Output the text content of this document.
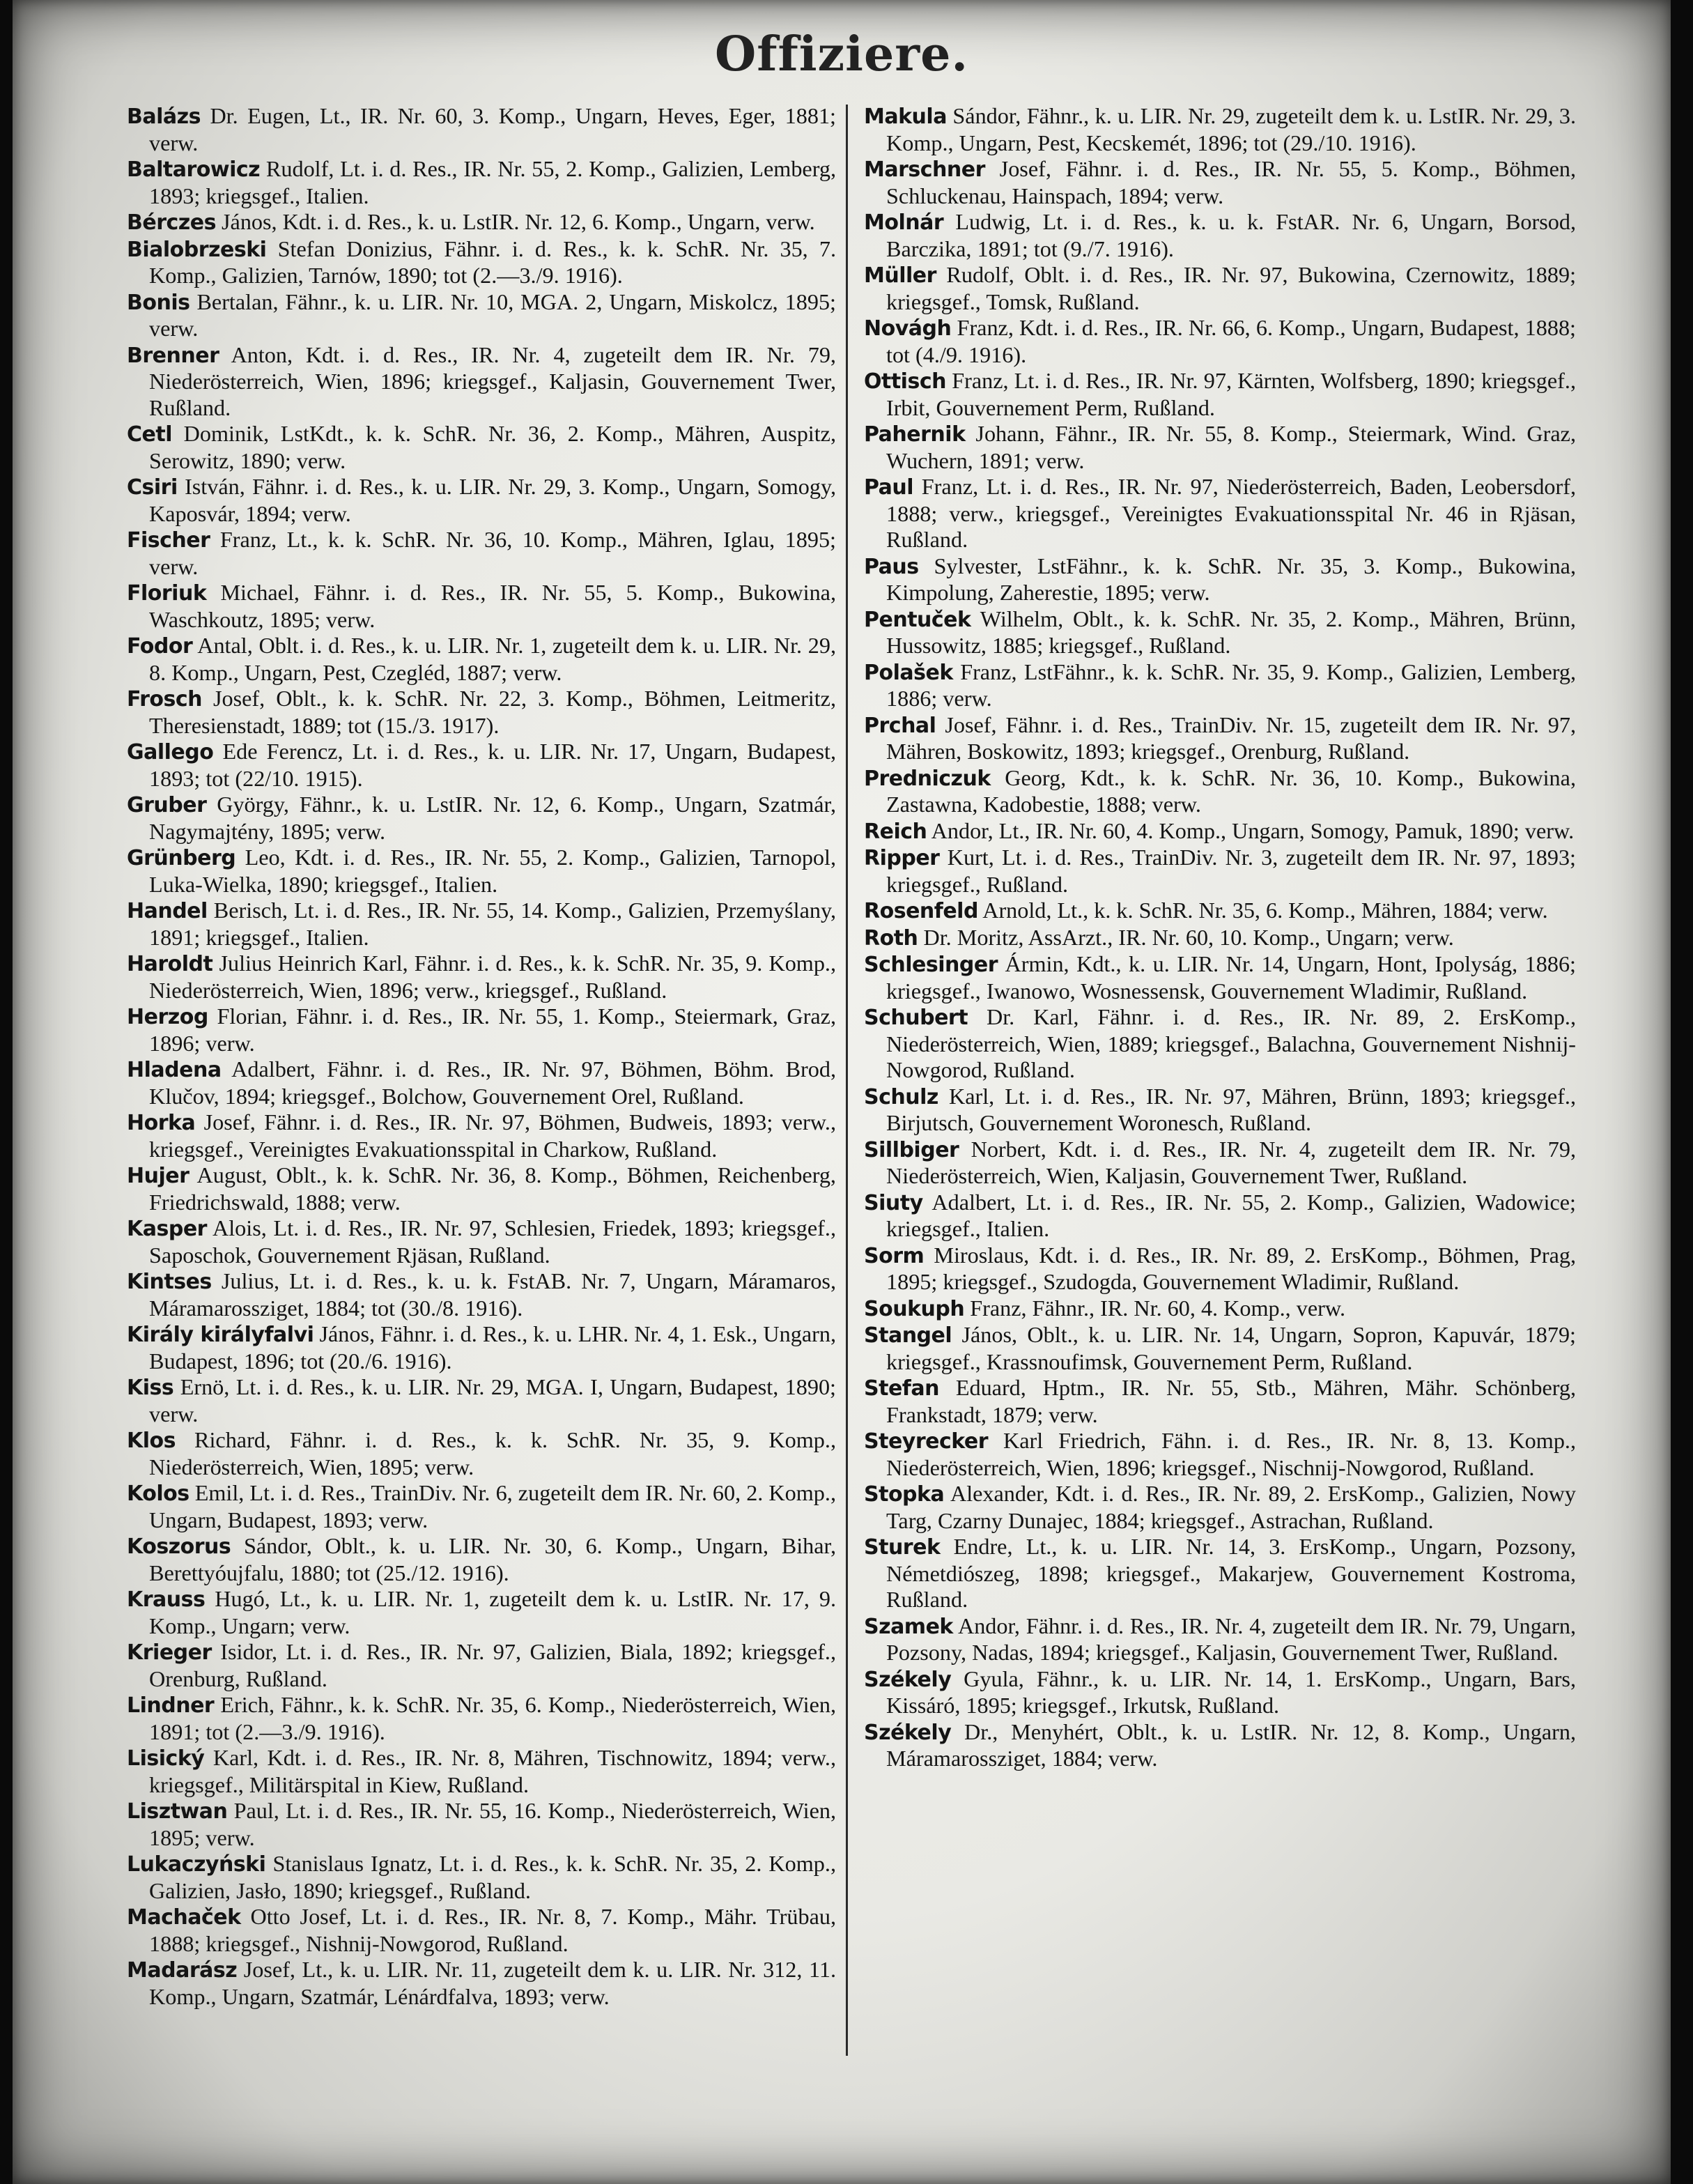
Offiziere.

Balázs Dr. Eugen, Lt., IR. Nr. 60, 3. Komp., Ungarn, Heves, Eger, 1881; verw.

Baltarowicz Rudolf, Lt. i. d. Res., IR. Nr. 55, 2. Komp., Galizien, Lemberg, 1893; kriegsgef., Italien.

Bérczes János, Kdt. i. d. Res., k. u. LstIR. Nr. 12, 6. Komp., Ungarn, verw.

Bialobrzeski Stefan Donizius, Fähnr. i. d. Res., k. k. SchR. Nr. 35, 7. Komp., Galizien, Tarnów, 1890; tot (2.—3./9. 1916).

Bonis Bertalan, Fähnr., k. u. LIR. Nr. 10, MGA. 2, Ungarn, Miskolcz, 1895; verw.

Brenner Anton, Kdt. i. d. Res., IR. Nr. 4, zugeteilt dem IR. Nr. 79, Niederösterreich, Wien, 1896; kriegsgef., Kaljasin, Gouvernement Twer, Rußland.

Cetl Dominik, LstKdt., k. k. SchR. Nr. 36, 2. Komp., Mähren, Auspitz, Serowitz, 1890; verw.

Csiri István, Fähnr. i. d. Res., k. u. LIR. Nr. 29, 3. Komp., Ungarn, Somogy, Kaposvár, 1894; verw.

Fischer Franz, Lt., k. k. SchR. Nr. 36, 10. Komp., Mähren, Iglau, 1895; verw.

Floriuk Michael, Fähnr. i. d. Res., IR. Nr. 55, 5. Komp., Bukowina, Waschkoutz, 1895; verw.

Fodor Antal, Oblt. i. d. Res., k. u. LIR. Nr. 1, zugeteilt dem k. u. LIR. Nr. 29, 8. Komp., Ungarn, Pest, Czegléd, 1887; verw.

Frosch Josef, Oblt., k. k. SchR. Nr. 22, 3. Komp., Böhmen, Leitmeritz, Theresienstadt, 1889; tot (15./3. 1917).

Gallego Ede Ferencz, Lt. i. d. Res., k. u. LIR. Nr. 17, Ungarn, Budapest, 1893; tot (22/10. 1915).

Gruber György, Fähnr., k. u. LstIR. Nr. 12, 6. Komp., Ungarn, Szatmár, Nagymajtény, 1895; verw.

Grünberg Leo, Kdt. i. d. Res., IR. Nr. 55, 2. Komp., Galizien, Tarnopol, Luka-Wielka, 1890; kriegsgef., Italien.

Handel Berisch, Lt. i. d. Res., IR. Nr. 55, 14. Komp., Galizien, Przemyślany, 1891; kriegsgef., Italien.

Haroldt Julius Heinrich Karl, Fähnr. i. d. Res., k. k. SchR. Nr. 35, 9. Komp., Niederösterreich, Wien, 1896; verw., kriegsgef., Rußland.

Herzog Florian, Fähnr. i. d. Res., IR. Nr. 55, 1. Komp., Steiermark, Graz, 1896; verw.

Hladena Adalbert, Fähnr. i. d. Res., IR. Nr. 97, Böhmen, Böhm. Brod, Klučov, 1894; kriegsgef., Bolchow, Gouvernement Orel, Rußland.

Horka Josef, Fähnr. i. d. Res., IR. Nr. 97, Böhmen, Budweis, 1893; verw., kriegsgef., Vereinigtes Evakuationsspital in Charkow, Rußland.

Hujer August, Oblt., k. k. SchR. Nr. 36, 8. Komp., Böhmen, Reichenberg, Friedrichswald, 1888; verw.

Kasper Alois, Lt. i. d. Res., IR. Nr. 97, Schlesien, Friedek, 1893; kriegsgef., Saposchok, Gouvernement Rjäsan, Rußland.

Kintses Julius, Lt. i. d. Res., k. u. k. FstAB. Nr. 7, Ungarn, Máramaros, Máramarossziget, 1884; tot (30./8. 1916).

Király királyfalvi János, Fähnr. i. d. Res., k. u. LHR. Nr. 4, 1. Esk., Ungarn, Budapest, 1896; tot (20./6. 1916).

Kiss Ernö, Lt. i. d. Res., k. u. LIR. Nr. 29, MGA. I, Ungarn, Budapest, 1890; verw.

Klos Richard, Fähnr. i. d. Res., k. k. SchR. Nr. 35, 9. Komp., Niederösterreich, Wien, 1895; verw.

Kolos Emil, Lt. i. d. Res., TrainDiv. Nr. 6, zugeteilt dem IR. Nr. 60, 2. Komp., Ungarn, Budapest, 1893; verw.

Koszorus Sándor, Oblt., k. u. LIR. Nr. 30, 6. Komp., Ungarn, Bihar, Berettyóujfalu, 1880; tot (25./12. 1916).

Krauss Hugó, Lt., k. u. LIR. Nr. 1, zugeteilt dem k. u. LstIR. Nr. 17, 9. Komp., Ungarn; verw.

Krieger Isidor, Lt. i. d. Res., IR. Nr. 97, Galizien, Biala, 1892; kriegsgef., Orenburg, Rußland.

Lindner Erich, Fähnr., k. k. SchR. Nr. 35, 6. Komp., Niederösterreich, Wien, 1891; tot (2.—3./9. 1916).

Lisický Karl, Kdt. i. d. Res., IR. Nr. 8, Mähren, Tischnowitz, 1894; verw., kriegsgef., Militärspital in Kiew, Rußland.

Lisztwan Paul, Lt. i. d. Res., IR. Nr. 55, 16. Komp., Niederösterreich, Wien, 1895; verw.

Lukaczyński Stanislaus Ignatz, Lt. i. d. Res., k. k. SchR. Nr. 35, 2. Komp., Galizien, Jasło, 1890; kriegsgef., Rußland.

Machaček Otto Josef, Lt. i. d. Res., IR. Nr. 8, 7. Komp., Mähr. Trübau, 1888; kriegsgef., Nishnij-Nowgorod, Rußland.

Madarász Josef, Lt., k. u. LIR. Nr. 11, zugeteilt dem k. u. LIR. Nr. 312, 11. Komp., Ungarn, Szatmár, Lénárdfalva, 1893; verw.

Makula Sándor, Fähnr., k. u. LIR. Nr. 29, zugeteilt dem k. u. LstIR. Nr. 29, 3. Komp., Ungarn, Pest, Kecskemét, 1896; tot (29./10. 1916).

Marschner Josef, Fähnr. i. d. Res., IR. Nr. 55, 5. Komp., Böhmen, Schluckenau, Hainspach, 1894; verw.

Molnár Ludwig, Lt. i. d. Res., k. u. k. FstAR. Nr. 6, Ungarn, Borsod, Barczika, 1891; tot (9./7. 1916).

Müller Rudolf, Oblt. i. d. Res., IR. Nr. 97, Bukowina, Czernowitz, 1889; kriegsgef., Tomsk, Rußland.

Novágh Franz, Kdt. i. d. Res., IR. Nr. 66, 6. Komp., Ungarn, Budapest, 1888; tot (4./9. 1916).

Ottisch Franz, Lt. i. d. Res., IR. Nr. 97, Kärnten, Wolfsberg, 1890; kriegsgef., Irbit, Gouvernement Perm, Rußland.

Pahernik Johann, Fähnr., IR. Nr. 55, 8. Komp., Steiermark, Wind. Graz, Wuchern, 1891; verw.

Paul Franz, Lt. i. d. Res., IR. Nr. 97, Niederösterreich, Baden, Leobersdorf, 1888; verw., kriegsgef., Vereinigtes Evakuationsspital Nr. 46 in Rjäsan, Rußland.

Paus Sylvester, LstFähnr., k. k. SchR. Nr. 35, 3. Komp., Bukowina, Kimpolung, Zaherestie, 1895; verw.

Pentuček Wilhelm, Oblt., k. k. SchR. Nr. 35, 2. Komp., Mähren, Brünn, Hussowitz, 1885; kriegsgef., Rußland.

Polašek Franz, LstFähnr., k. k. SchR. Nr. 35, 9. Komp., Galizien, Lemberg, 1886; verw.

Prchal Josef, Fähnr. i. d. Res., TrainDiv. Nr. 15, zugeteilt dem IR. Nr. 97, Mähren, Boskowitz, 1893; kriegsgef., Orenburg, Rußland.

Predniczuk Georg, Kdt., k. k. SchR. Nr. 36, 10. Komp., Bukowina, Zastawna, Kadobestie, 1888; verw.

Reich Andor, Lt., IR. Nr. 60, 4. Komp., Ungarn, Somogy, Pamuk, 1890; verw.

Ripper Kurt, Lt. i. d. Res., TrainDiv. Nr. 3, zugeteilt dem IR. Nr. 97, 1893; kriegsgef., Rußland.

Rosenfeld Arnold, Lt., k. k. SchR. Nr. 35, 6. Komp., Mähren, 1884; verw.

Roth Dr. Moritz, AssArzt., IR. Nr. 60, 10. Komp., Ungarn; verw.

Schlesinger Ármin, Kdt., k. u. LIR. Nr. 14, Ungarn, Hont, Ipolyság, 1886; kriegsgef., Iwanowo, Wosnessensk, Gouvernement Wladimir, Rußland.

Schubert Dr. Karl, Fähnr. i. d. Res., IR. Nr. 89, 2. ErsKomp., Niederösterreich, Wien, 1889; kriegsgef., Balachna, Gouvernement Nishnij-Nowgorod, Rußland.

Schulz Karl, Lt. i. d. Res., IR. Nr. 97, Mähren, Brünn, 1893; kriegsgef., Birjutsch, Gouvernement Woronesch, Rußland.

Sillbiger Norbert, Kdt. i. d. Res., IR. Nr. 4, zugeteilt dem IR. Nr. 79, Niederösterreich, Wien, Kaljasin, Gouvernement Twer, Rußland.

Siuty Adalbert, Lt. i. d. Res., IR. Nr. 55, 2. Komp., Galizien, Wadowice; kriegsgef., Italien.

Sorm Miroslaus, Kdt. i. d. Res., IR. Nr. 89, 2. ErsKomp., Böhmen, Prag, 1895; kriegsgef., Szudogda, Gouvernement Wladimir, Rußland.

Soukuph Franz, Fähnr., IR. Nr. 60, 4. Komp., verw.

Stangel János, Oblt., k. u. LIR. Nr. 14, Ungarn, Sopron, Kapuvár, 1879; kriegsgef., Krassnoufimsk, Gouvernement Perm, Rußland.

Stefan Eduard, Hptm., IR. Nr. 55, Stb., Mähren, Mähr. Schönberg, Frankstadt, 1879; verw.

Steyrecker Karl Friedrich, Fähn. i. d. Res., IR. Nr. 8, 13. Komp., Niederösterreich, Wien, 1896; kriegsgef., Nischnij-Nowgorod, Rußland.

Stopka Alexander, Kdt. i. d. Res., IR. Nr. 89, 2. ErsKomp., Galizien, Nowy Targ, Czarny Dunajec, 1884; kriegsgef., Astrachan, Rußland.

Sturek Endre, Lt., k. u. LIR. Nr. 14, 3. ErsKomp., Ungarn, Pozsony, Németdiószeg, 1898; kriegsgef., Makarjew, Gouvernement Kostroma, Rußland.

Szamek Andor, Fähnr. i. d. Res., IR. Nr. 4, zugeteilt dem IR. Nr. 79, Ungarn, Pozsony, Nadas, 1894; kriegsgef., Kaljasin, Gouvernement Twer, Rußland.

Székely Gyula, Fähnr., k. u. LIR. Nr. 14, 1. ErsKomp., Ungarn, Bars, Kissáró, 1895; kriegsgef., Irkutsk, Rußland.

Székely Dr., Menyhért, Oblt., k. u. LstIR. Nr. 12, 8. Komp., Ungarn, Máramarossziget, 1884; verw.
